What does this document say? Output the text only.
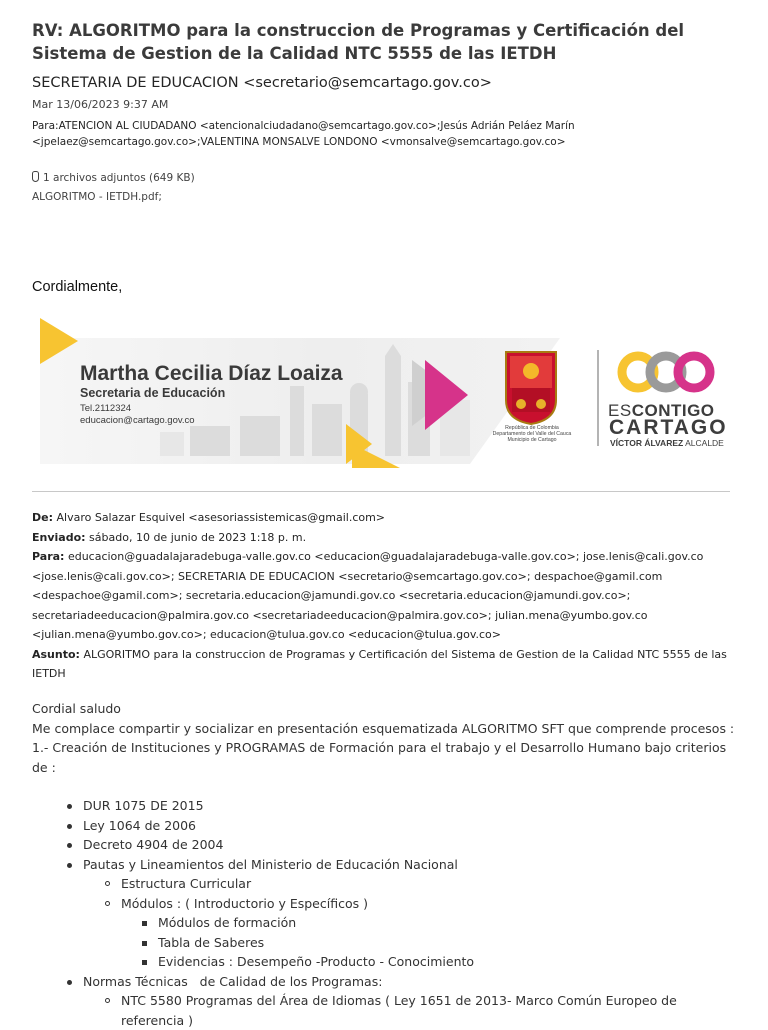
RV: ALGORITMO para la construccion de Programas y Certificación del Sistema de Gestion de la Calidad NTC 5555 de las IETDH
SECRETARIA DE EDUCACION <secretario@semcartago.gov.co>
Mar 13/06/2023 9:37 AM
Para:ATENCION AL CIUDADANO <atencionalciudadano@semcartago.gov.co>;Jesús Adrián Peláez Marín <jpelaez@semcartago.gov.co>;VALENTINA MONSALVE LONDONO <vmonsalve@semcartago.gov.co>
1 archivos adjuntos (649 KB)
ALGORITMO - IETDH.pdf;
Cordialmente,
Martha Cecilia Díaz Loaiza
Secretaria de Educación
Tel.2112324
educacion@cartago.gov.co
República de Colombia
Departamento del Valle del Cauca
Municipio de Cartago
ESCONTIGO
CARTAGO
VÍCTOR ÁLVAREZ ALCALDE
De: Alvaro Salazar Esquivel <asesoriassistemicas@gmail.com>
Enviado: sábado, 10 de junio de 2023 1:18 p. m.
Para: educacion@guadalajaradebuga-valle.gov.co <educacion@guadalajaradebuga-valle.gov.co>; jose.lenis@cali.gov.co <jose.lenis@cali.gov.co>; SECRETARIA DE EDUCACION <secretario@semcartago.gov.co>; despachoe@gamil.com <despachoe@gamil.com>; secretaria.educacion@jamundi.gov.co <secretaria.educacion@jamundi.gov.co>; secretariadeeducacion@palmira.gov.co <secretariadeeducacion@palmira.gov.co>; julian.mena@yumbo.gov.co <julian.mena@yumbo.gov.co>; educacion@tulua.gov.co <educacion@tulua.gov.co>
Asunto: ALGORITMO para la construccion de Programas y Certificación del Sistema de Gestion de la Calidad NTC 5555 de las IETDH
Cordial saludo
Me complace compartir y socializar en presentación esquematizada ALGORITMO SFT que comprende procesos :
1.- Creación de Instituciones y PROGRAMAS de Formación para el trabajo y el Desarrollo Humano bajo criterios de :
DUR 1075 DE 2015
Ley 1064 de 2006
Decreto 4904 de 2004
Pautas y Lineamientos del Ministerio de Educación Nacional
Estructura Curricular
Módulos : ( Introductorio y Específicos )
Módulos de formación
Tabla de Saberes
Evidencias : Desempeño -Producto - Conocimiento
Normas Técnicas   de Calidad de los Programas:
NTC 5580 Programas del Área de Idiomas ( Ley 1651 de 2013- Marco Común Europeo de referencia )
